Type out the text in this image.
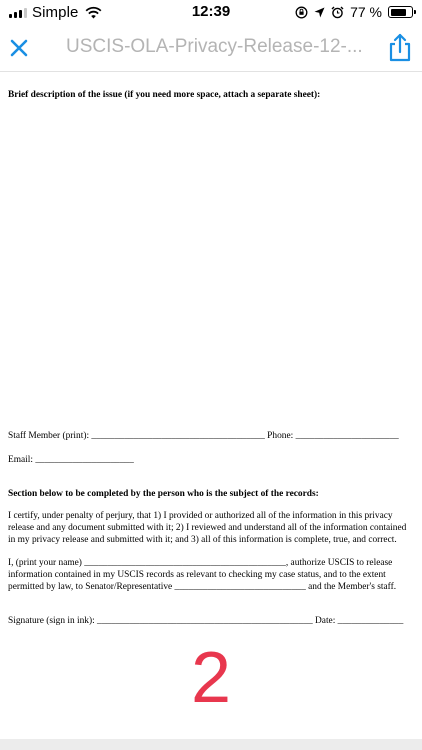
Simple	12:39	77 %
USCIS-OLA-Privacy-Release-12-...
Brief description of the issue (if you need more space, attach a separate sheet):
Staff Member (print): _____________________________________ Phone: ______________________
Email: _____________________
Section below to be completed by the person who is the subject of the records:
I certify, under penalty of perjury, that 1) I provided or authorized all of the information in this privacy
release and any document submitted with it; 2) I reviewed and understand all of the information contained
in my privacy release and submitted with it; and 3) all of this information is complete, true, and correct.
I, (print your name) ___________________________________________, authorize USCIS to release
information contained in my USCIS records as relevant to checking my case status, and to the extent
permitted by law, to Senator/Representative ____________________________ and the Member's staff.
Signature (sign in ink): ______________________________________________ Date: ______________
2
